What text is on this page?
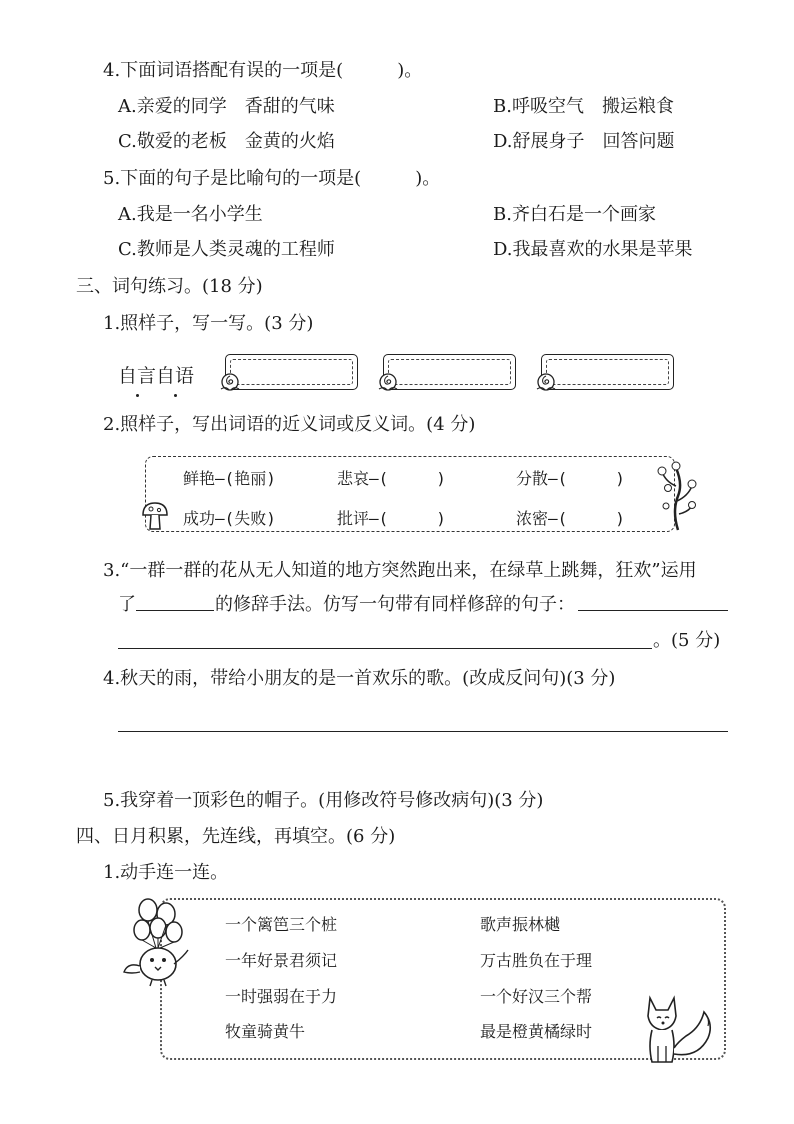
4.下面词语搭配有误的一项是(　　　)。
A.亲爱的同学　香甜的气味	B.呼吸空气　搬运粮食
C.敬爱的老板　金黄的火焰	D.舒展身子　回答问题
5.下面的句子是比喻句的一项是(　　　)。
A.我是一名小学生	B.齐白石是一个画家
C.教师是人类灵魂的工程师	D.我最喜欢的水果是苹果
三、词句练习。(18 分)
1.照样子，写一写。(3 分)
自言自语
2.照样子，写出词语的近义词或反义词。(4 分)
鲜艳—(艳丽)	悲哀—(　　　)	分散—(　　　)
成功—(失败)	批评—(　　　)	浓密—(　　　)
3.“一群一群的花从无人知道的地方突然跑出来，在绿草上跳舞，狂欢”运用
了	的修辞手法。仿写一句带有同样修辞的句子：
。(5 分)
4.秋天的雨，带给小朋友的是一首欢乐的歌。(改成反问句)(3 分)
5.我穿着一顶彩色的帽子。(用修改符号修改病句)(3 分)
四、日月积累，先连线，再填空。(6 分)
1.动手连一连。
一个篱笆三个桩
一年好景君须记
一时强弱在于力
牧童骑黄牛
歌声振林樾
万古胜负在于理
一个好汉三个帮
最是橙黄橘绿时
